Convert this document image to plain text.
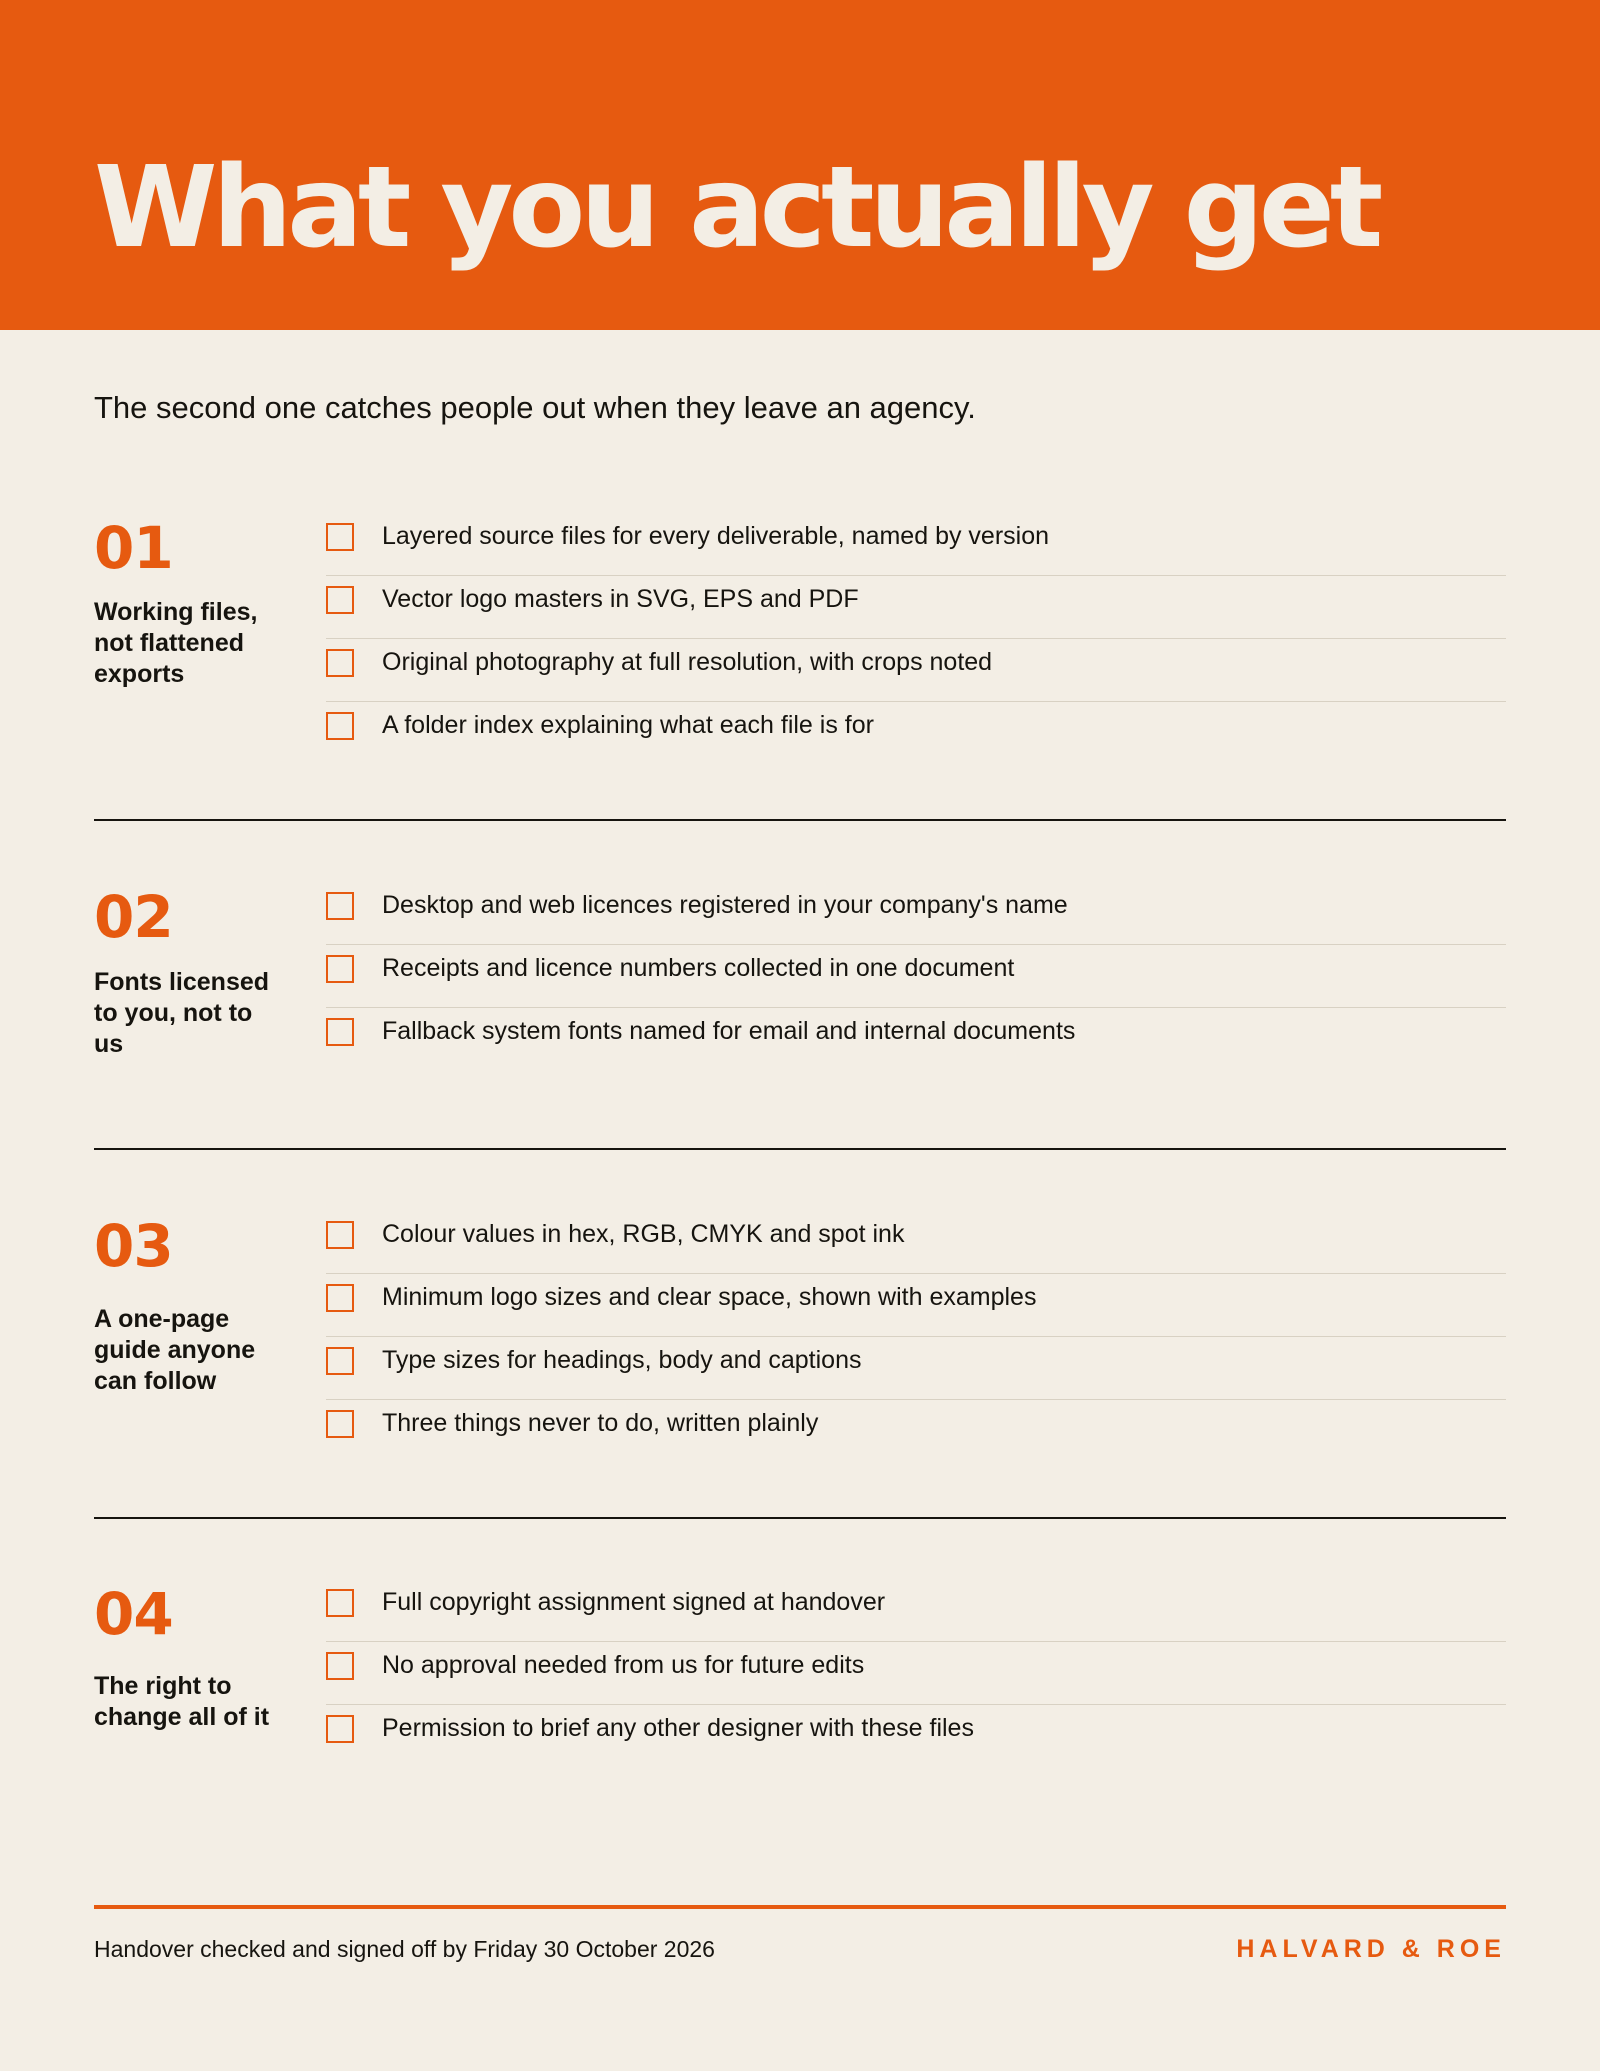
What you actually get

The second one catches people out when they leave an agency.

01
Working files, not flattened exports
Layered source files for every deliverable, named by version
Vector logo masters in SVG, EPS and PDF
Original photography at full resolution, with crops noted
A folder index explaining what each file is for
02
Fonts licensed to you, not to us
Desktop and web licences registered in your company's name
Receipts and licence numbers collected in one document
Fallback system fonts named for email and internal documents
03
A one-page guide anyone can follow
Colour values in hex, RGB, CMYK and spot ink
Minimum logo sizes and clear space, shown with examples
Type sizes for headings, body and captions
Three things never to do, written plainly
04
The right to change all of it
Full copyright assignment signed at handover
No approval needed from us for future edits
Permission to brief any other designer with these files
Handover checked and signed off by Friday 30 October 2026	HALVARD & ROE
